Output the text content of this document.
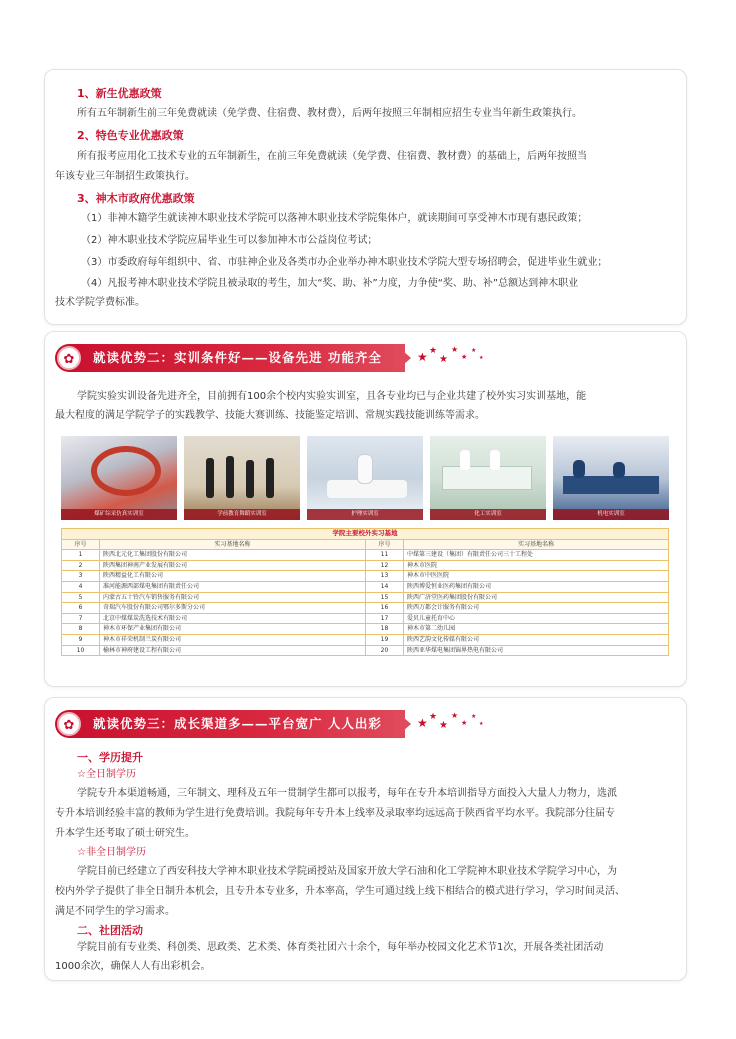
1、新生优惠政策
所有五年制新生前三年免费就读（免学费、住宿费、教材费），后两年按照三年制相应招生专业当年新生政策执行。
2、特色专业优惠政策
所有报考应用化工技术专业的五年制新生，在前三年免费就读（免学费、住宿费、教材费）的基础上，后两年按照当
年该专业三年制招生政策执行。
3、神木市政府优惠政策
（1）非神木籍学生就读神木职业技术学院可以落神木职业技术学院集体户，就读期间可享受神木市现有惠民政策；
（2）神木职业技术学院应届毕业生可以参加神木市公益岗位考试；
（3）市委政府每年组织中、省、市驻神企业及各类市办企业举办神木职业技术学院大型专场招聘会，促进毕业生就业；
（4）凡报考神木职业技术学院且被录取的考生，加大“奖、助、补”力度，力争使“奖、助、补”总额达到神木职业
技术学院学费标准。
✿	就读优势二：实训条件好——设备先进 功能齐全	★ ★
★
★
★
★
★
学院实验实训设备先进齐全，目前拥有100余个校内实验实训室，且各专业均已与企业共建了校外实习实训基地，能
最大程度的满足学院学子的实践教学、技能大赛训练、技能鉴定培训、常规实践技能训练等需求。
煤矿综采仿真实训室	学前教育舞蹈实训室	护理实训室	化工实训室	机电实训室
学院主要校外实习基地			
序号	实习基地名称	序号	实习基地名称
1	陕西北元化工集团股份有限公司	11	中煤第三建设（集团）有限责任公司三十工程处
2	陕西集团神南产业发展有限公司	12	神木市医院
3	陕西精益化工有限公司	13	神木市中医医院
4	准河能源西部煤电集团有限责任公司	14	陕西博爱恒业医药集团有限公司
5	内蒙古五十铃汽车销售服务有限公司	15	陕西广济堂医药集团股份有限公司
6	奇瑞汽车股份有限公司鄂尔多斯分公司	16	陕西万都会计服务有限公司
7	北京中煤煤炭洗选技术有限公司	17	爱贝儿童托育中心
8	神木市环保产业集团有限公司	18	神木市第二幼儿园
9	神木市祥荣机制兰炭有限公司	19	陕西艺韵文化传媒有限公司
10	榆林市神府建设工程有限公司	20	陕西亚华煤电集团锦界热电有限公司
✿	就读优势三：成长渠道多——平台宽广 人人出彩	★ ★
★
★
★
★
★
一、学历提升
☆全日制学历
学院专升本渠道畅通，三年制文、理科及五年一贯制学生都可以报考，每年在专升本培训指导方面投入大量人力物力，选派
专升本培训经验丰富的教师为学生进行免费培训。我院每年专升本上线率及录取率均远远高于陕西省平均水平。我院部分往届专
升本学生还考取了硕士研究生。
☆非全日制学历
学院目前已经建立了西安科技大学神木职业技术学院函授站及国家开放大学石油和化工学院神木职业技术学院学习中心，为
校内外学子提供了非全日制升本机会，且专升本专业多，升本率高，学生可通过线上线下相结合的模式进行学习，学习时间灵活、
满足不同学生的学习需求。
二、社团活动
学院目前有专业类、科创类、思政类、艺术类、体育类社团六十余个，每年举办校园文化艺术节1次，开展各类社团活动
1000余次，确保人人有出彩机会。
